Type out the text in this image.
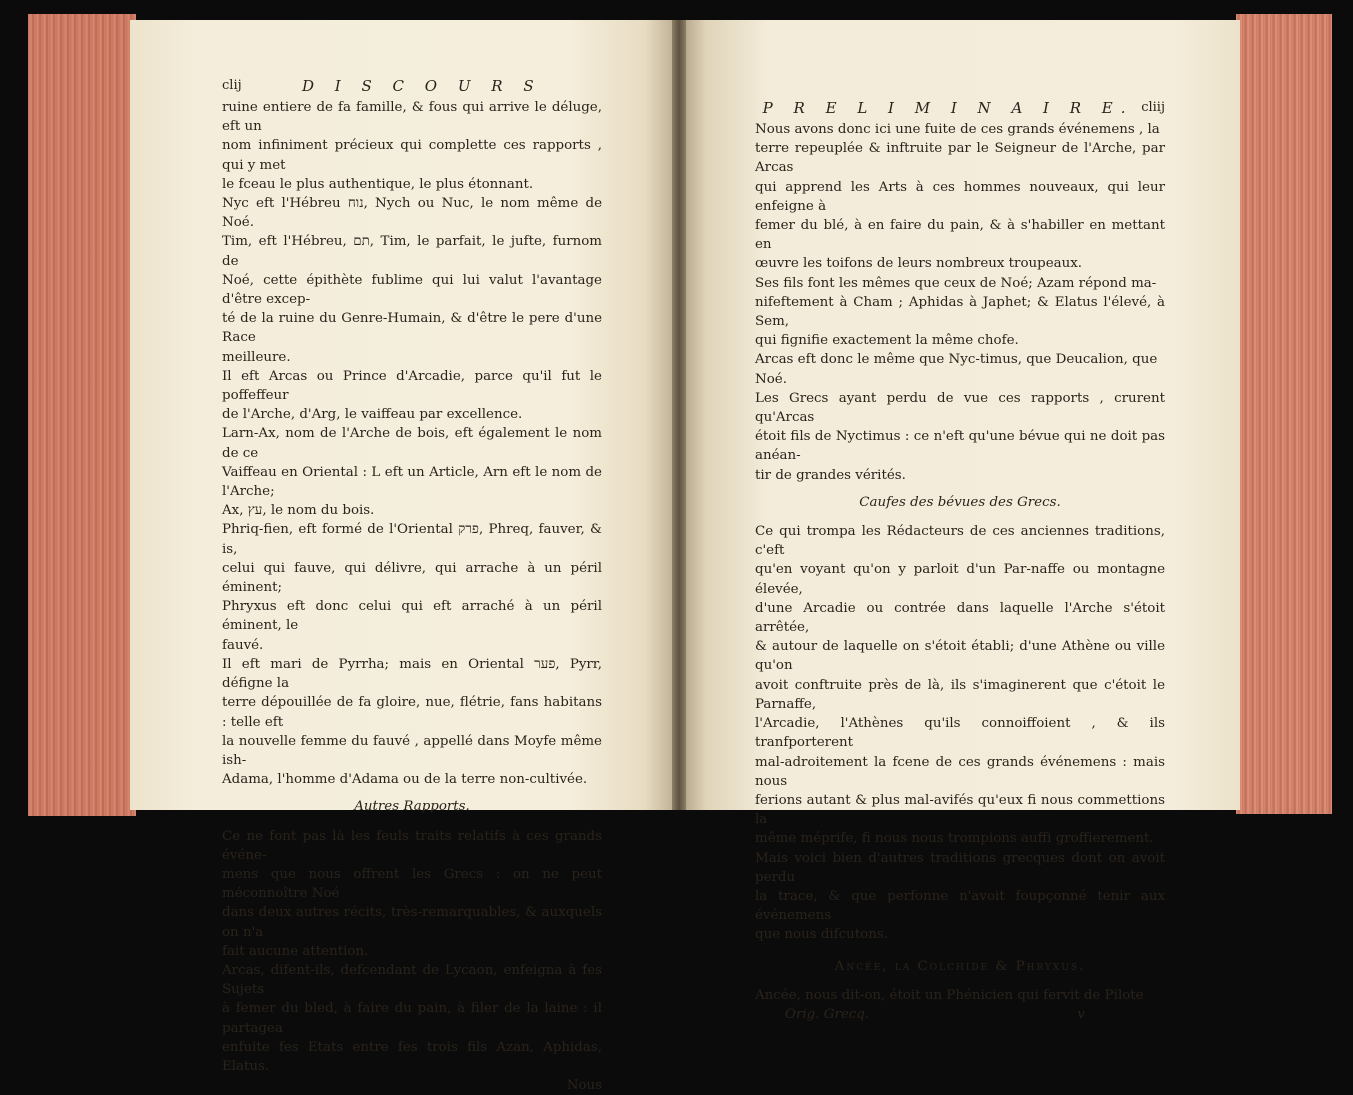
clij	D I S C O U R S

ruine entiere de fa famille, & fous qui arrive le déluge, eft un

nom infiniment précieux qui complette ces rapports , qui y met

le fceau le plus authentique, le plus étonnant.

Nyc eft l'Hébreu נוח, Nych ou Nuc, le nom même de Noé.

Tim, eft l'Hébreu, תם, Tim, le parfait, le jufte, furnom de

Noé, cette épithète fublime qui lui valut l'avantage d'être excep-

té de la ruine du Genre-Humain, & d'être le pere d'une Race

meilleure.

Il eft Arcas ou Prince d'Arcadie, parce qu'il fut le poffeffeur

de l'Arche, d'Arg, le vaiffeau par excellence.

Larn-Ax, nom de l'Arche de bois, eft également le nom de ce

Vaiffeau en Oriental : L eft un Article, Arn eft le nom de l'Arche;

Ax, עץ, le nom du bois.

Phriq-fien, eft formé de l'Oriental פרק, Phreq, fauver, & is,

celui qui fauve, qui délivre, qui arrache à un péril éminent;

Phryxus eft donc celui qui eft arraché à un péril éminent, le

fauvé.

Il eft mari de Pyrrha; mais en Oriental פער, Pyrr, défigne la

terre dépouillée de fa gloire, nue, flétrie, fans habitans : telle eft

la nouvelle femme du fauvé , appellé dans Moyfe même ish-

Adama, l'homme d'Adama ou de la terre non-cultivée.

Autres Rapports.

Ce ne font pas là les feuls traits relatifs à ces grands événe-

mens que nous offrent les Grecs : on ne peut méconnoître Noé

dans deux autres récits, très-remarquables, & auxquels on n'a

fait aucune attention.

Arcas, difent-ils, defcendant de Lycaon, enfeigna à fes Sujets

à femer du bled, à faire du pain, à filer de la laine : il partagea

enfuite fes Etats entre fes trois fils Azan, Aphidas, Elatus.

Nous

P R E L I M I N A I R E. cliij

Nous avons donc ici une fuite de ces grands événemens , la

terre repeuplée & inftruite par le Seigneur de l'Arche, par Arcas

qui apprend les Arts à ces hommes nouveaux, qui leur enfeigne à

femer du blé, à en faire du pain, & à s'habiller en mettant en

œuvre les toifons de leurs nombreux troupeaux.

Ses fils font les mêmes que ceux de Noé; Azam répond ma-

nifeftement à Cham ; Aphidas à Japhet; & Elatus l'élevé, à Sem,

qui fignifie exactement la même chofe.

Arcas eft donc le même que Nyc-timus, que Deucalion, que

Noé.

Les Grecs ayant perdu de vue ces rapports , crurent qu'Arcas

étoit fils de Nyctimus : ce n'eft qu'une bévue qui ne doit pas anéan-

tir de grandes vérités.

Caufes des bévues des Grecs.

Ce qui trompa les Rédacteurs de ces anciennes traditions, c'eft

qu'en voyant qu'on y parloit d'un Par-naffe ou montagne élevée,

d'une Arcadie ou contrée dans laquelle l'Arche s'étoit arrêtée,

& autour de laquelle on s'étoit établi; d'une Athène ou ville qu'on

avoit conftruite près de là, ils s'imaginerent que c'étoit le Parnaffe,

l'Arcadie, l'Athènes qu'ils connoiffoient , & ils tranfporterent

mal-adroitement la fcene de ces grands événemens : mais nous

ferions autant & plus mal-avifés qu'eux fi nous commettions la

même méprife, fi nous nous trompions auffi groffierement.

Mais voici bien d'autres traditions grecques dont on avoit perdu

la trace, & que perfonne n'avoit foupçonné tenir aux événemens

que nous difcutons.

Ancée, la Colchide & Phryxus.

Ancée, nous dit-on, étoit un Phénicien qui fervit de Pilote

Orig. Grecq.	v
